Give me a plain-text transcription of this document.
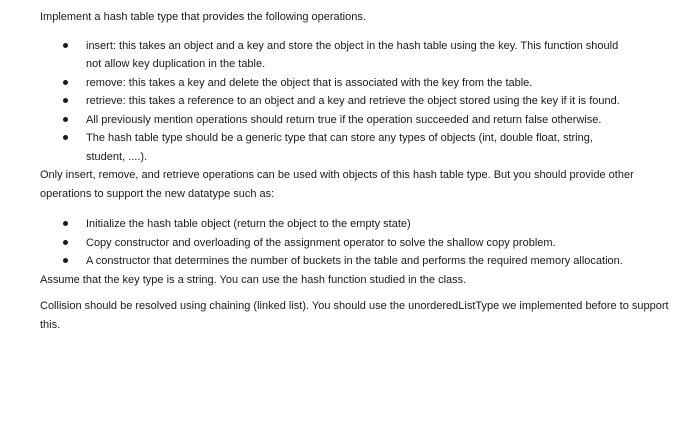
Implement a hash table type that provides the following operations.

insert: this takes an object and a key and store the object in the hash table using the key. This function should not allow key duplication in the table.
remove: this takes a key and delete the object that is associated with the key from the table.
retrieve: this takes a reference to an object and a key and retrieve the object stored using the key if it is found.
All previously mention operations should return true if the operation succeeded and return false otherwise.
The hash table type should be a generic type that can store any types of objects (int, double float, string, student, ....).

Only insert, remove, and retrieve operations can be used with objects of this hash table type. But you should provide other operations to support the new datatype such as:

Initialize the hash table object (return the object to the empty state)
Copy constructor and overloading of the assignment operator to solve the shallow copy problem.
A constructor that determines the number of buckets in the table and performs the required memory allocation.

Assume that the key type is a string. You can use the hash function studied in the class.

Collision should be resolved using chaining (linked list). You should use the unorderedListType we implemented before to support this.
